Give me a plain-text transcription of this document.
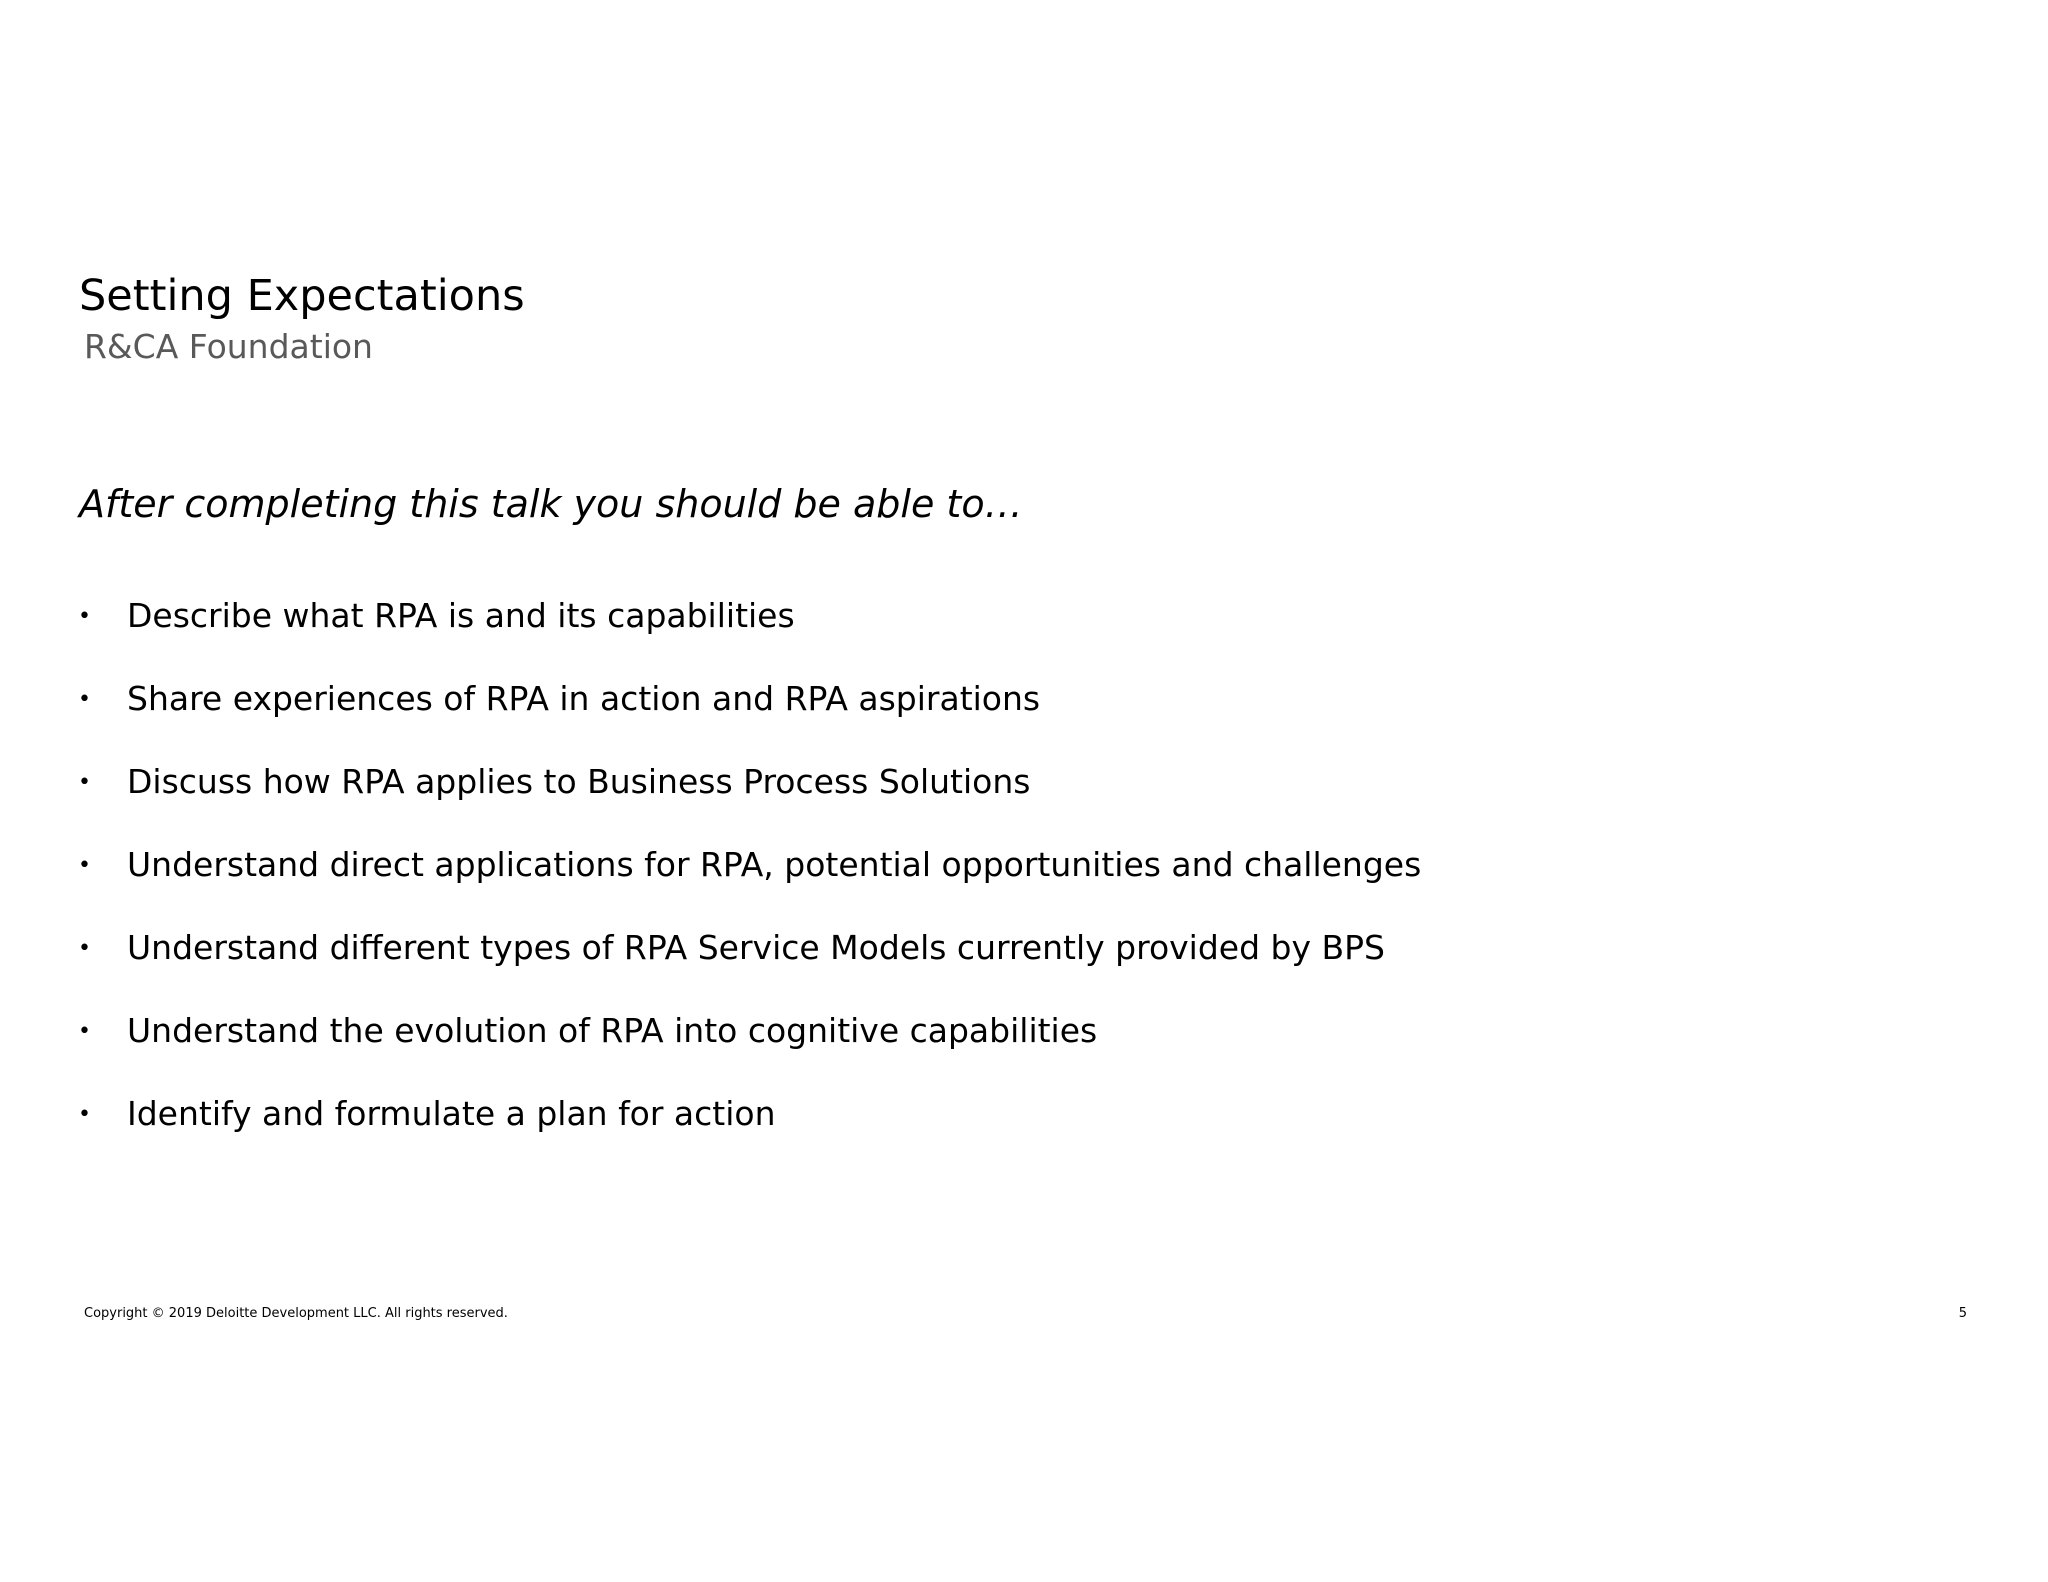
Setting Expectations
R&CA Foundation
After completing this talk you should be able to…
• Describe what RPA is and its capabilities
• Share experiences of RPA in action and RPA aspirations
• Discuss how RPA applies to Business Process Solutions
• Understand direct applications for RPA, potential opportunities and challenges
• Understand different types of RPA Service Models currently provided by BPS
• Understand the evolution of RPA into cognitive capabilities
• Identify and formulate a plan for action
Copyright © 2019 Deloitte Development LLC. All rights reserved.	5
